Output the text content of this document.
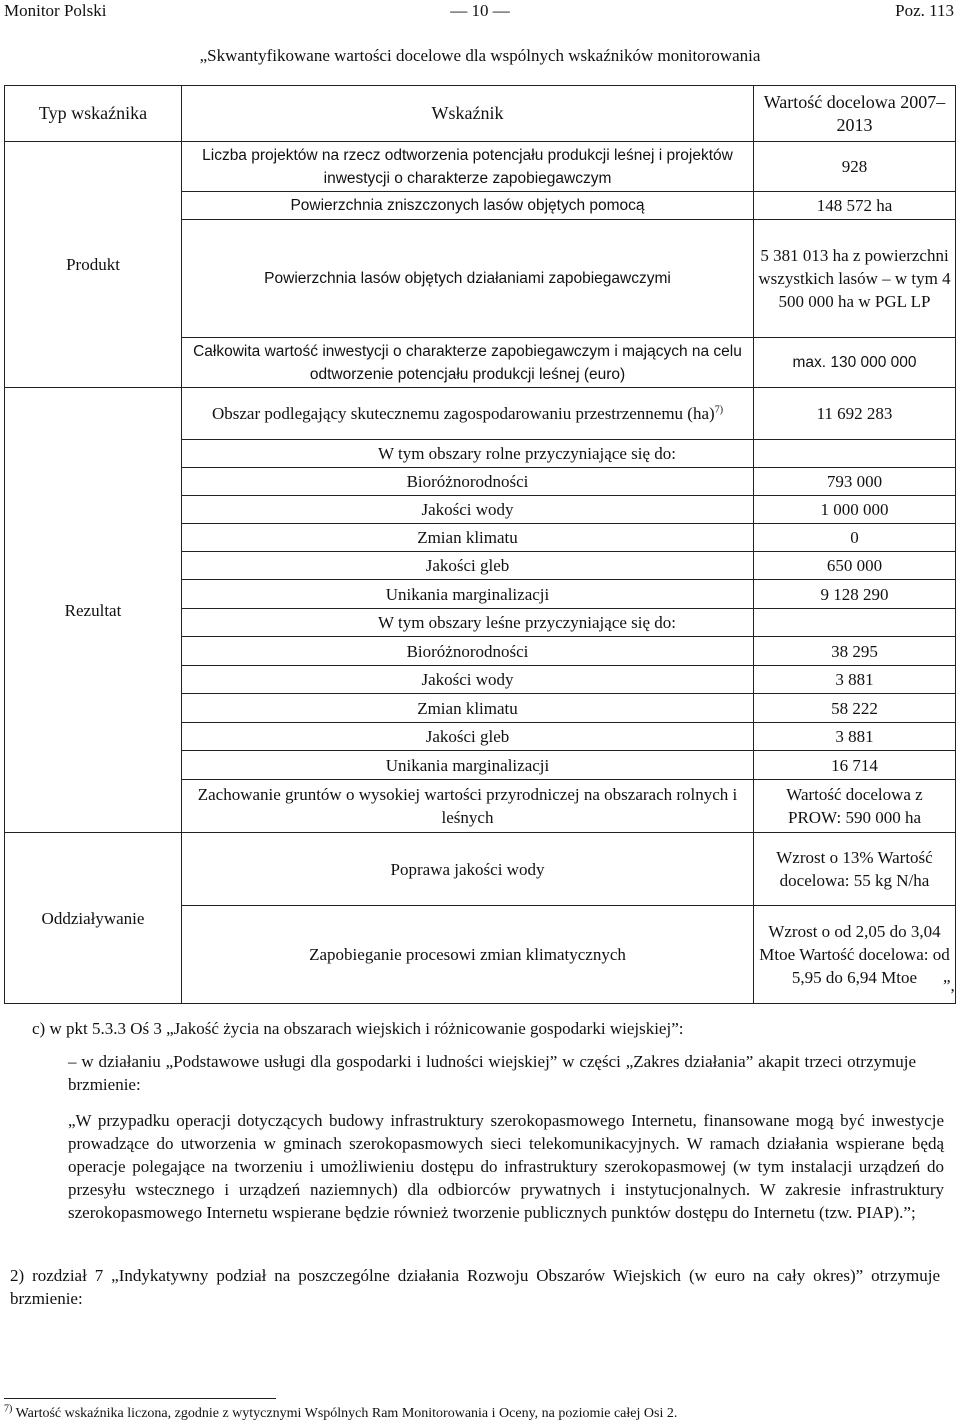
Monitor Polski	— 10 —	Poz. 113
„Skwantyfikowane wartości docelowe dla wspólnych wskaźników monitorowania
Typ wskaźnika	Wskaźnik	Wartość docelowa 2007–2013
Produkt	Liczba projektów na rzecz odtworzenia potencjału produkcji leśnej i projektów inwestycji o charakterze zapobiegawczym	928
	Powierzchnia zniszczonych lasów objętych pomocą	148 572 ha
	Powierzchnia lasów objętych działaniami zapobiegawczymi	5 381 013 ha z powierzchni wszystkich lasów – w tym 4 500 000 ha w PGL LP
	Całkowita wartość inwestycji o charakterze zapobiegawczym i mających na celu odtworzenie potencjału produkcji leśnej (euro)	max. 130 000 000
Rezultat	Obszar podlegający skutecznemu zagospodarowaniu przestrzennemu (ha)$^{7)}$	11 692 283
	W tym obszary rolne przyczyniające się do:	
	Bioróżnorodności	793 000
	Jakości wody	1 000 000
	Zmian klimatu	0
	Jakości gleb	650 000
	Unikania marginalizacji	9 128 290
	W tym obszary leśne przyczyniające się do:	
	Bioróżnorodności	38 295
	Jakości wody	3 881
	Zmian klimatu	58 222
	Jakości gleb	3 881
	Unikania marginalizacji	16 714
	Zachowanie gruntów o wysokiej wartości przyrodniczej na obszarach rolnych i leśnych	Wartość docelowa z PROW: 590 000 ha
Oddziaływanie	Poprawa jakości wody	Wzrost o 13% Wartość docelowa: 55 kg N/ha
	Zapobieganie procesowi zmian klimatycznych	Wzrost o od 2,05 do 3,04 Mtoe Wartość docelowa: od 5,95 do 6,94 Mtoe ”,
c) w pkt 5.3.3 Oś 3 „Jakość życia na obszarach wiejskich i różnicowanie gospodarki wiejskiej”:
– w działaniu „Podstawowe usługi dla gospodarki i ludności wiejskiej” w części „Zakres działania” akapit trzeci otrzymuje brzmienie:
„W przypadku operacji dotyczących budowy infrastruktury szerokopasmowego Internetu, finansowane mogą być inwestycje prowadzące do utworzenia w gminach szerokopasmowych sieci telekomunikacyjnych. W ramach działania wspierane będą operacje polegające na tworzeniu i umożliwieniu dostępu do infrastruktury szerokopasmowej (w tym instalacji urządzeń do przesyłu wstecznego i urządzeń naziemnych) dla odbiorców prywatnych i instytucjonalnych. W zakresie infrastruktury szerokopasmowego Internetu wspierane będzie również tworzenie publicznych punktów dostępu do Internetu (tzw. PIAP).”;
2) rozdział 7 „Indykatywny podział na poszczególne działania Rozwoju Obszarów Wiejskich (w euro na cały okres)” otrzymuje brzmienie:
$^{7)}$ Wartość wskaźnika liczona, zgodnie z wytycznymi Wspólnych Ram Monitorowania i Oceny, na poziomie całej Osi 2.
